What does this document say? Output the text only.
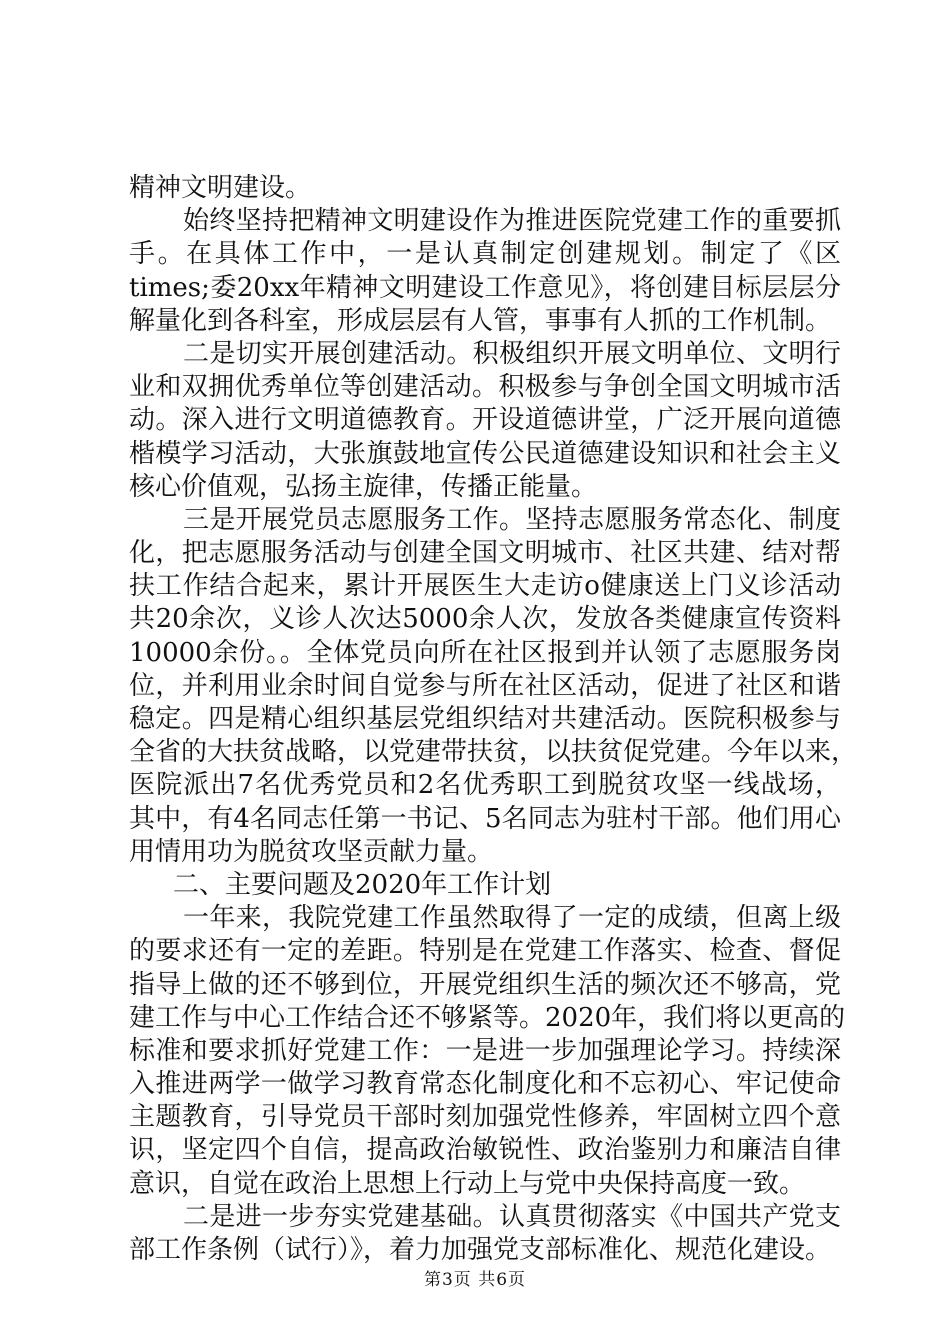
精神文明建设。
始终坚持把精神文明建设作为推进医院党建工作的重要抓
手。在具体工作中，一是认真制定创建规划。制定了《区
times;委20xx年精神文明建设工作意见》，将创建目标层层分
解量化到各科室，形成层层有人管，事事有人抓的工作机制。
二是切实开展创建活动。积极组织开展文明单位、文明行
业和双拥优秀单位等创建活动。积极参与争创全国文明城市活
动。深入进行文明道德教育。开设道德讲堂，广泛开展向道德
楷模学习活动，大张旗鼓地宣传公民道德建设知识和社会主义
核心价值观，弘扬主旋律，传播正能量。
三是开展党员志愿服务工作。坚持志愿服务常态化、制度
化，把志愿服务活动与创建全国文明城市、社区共建、结对帮
扶工作结合起来，累计开展医生大走访o健康送上门义诊活动
共20余次，义诊人次达5000余人次，发放各类健康宣传资料
10000余份。。全体党员向所在社区报到并认领了志愿服务岗
位，并利用业余时间自觉参与所在社区活动，促进了社区和谐
稳定。四是精心组织基层党组织结对共建活动。医院积极参与
全省的大扶贫战略，以党建带扶贫，以扶贫促党建。今年以来，
医院派出7名优秀党员和2名优秀职工到脱贫攻坚一线战场，
其中，有4名同志任第一书记、5名同志为驻村干部。他们用心
用情用功为脱贫攻坚贡献力量。
二、主要问题及2020年工作计划
一年来，我院党建工作虽然取得了一定的成绩，但离上级
的要求还有一定的差距。特别是在党建工作落实、检查、督促
指导上做的还不够到位，开展党组织生活的频次还不够高，党
建工作与中心工作结合还不够紧等。2020年，我们将以更高的
标准和要求抓好党建工作：一是进一步加强理论学习。持续深
入推进两学一做学习教育常态化制度化和不忘初心、牢记使命
主题教育，引导党员干部时刻加强党性修养，牢固树立四个意
识，坚定四个自信，提高政治敏锐性、政治鉴别力和廉洁自律
意识，自觉在政治上思想上行动上与党中央保持高度一致。
二是进一步夯实党建基础。认真贯彻落实《中国共产党支
部工作条例（试行）》，着力加强党支部标准化、规范化建设。
第3页 共6页
